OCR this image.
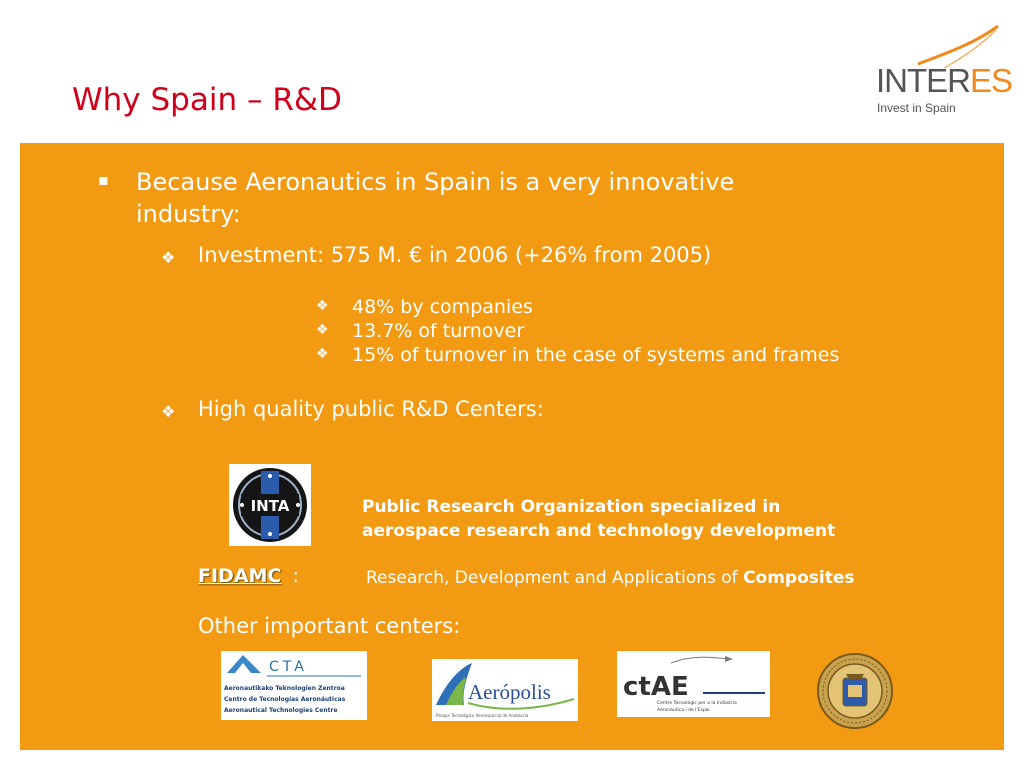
Why Spain – R&D
INTERES
Invest in Spain
▪ Because Aeronautics in Spain is a very innovative
industry:
❖ Investment: 575 M. € in 2006 (+26% from 2005)
❖ 48% by companies
❖ 13.7% of turnover
❖ 15% of turnover in the case of systems and frames
❖ High quality public R&D Centers:
INTA	Public Research Organization specialized in
aerospace research and technology development
FIDAMC :	Research, Development and Applications of Composites
Other important centers:
CTA
Aeronautikako Teknologien Zentroa
Centro de Tecnologías Aeronáuticas
Aeronautical Technologies Centre
Aerópolis
Parque Tecnológico Aeroespacial de Andalucía
ctAE
Centre Tecnològic per a la Indústria
Aeronàutica i de l'Espai
